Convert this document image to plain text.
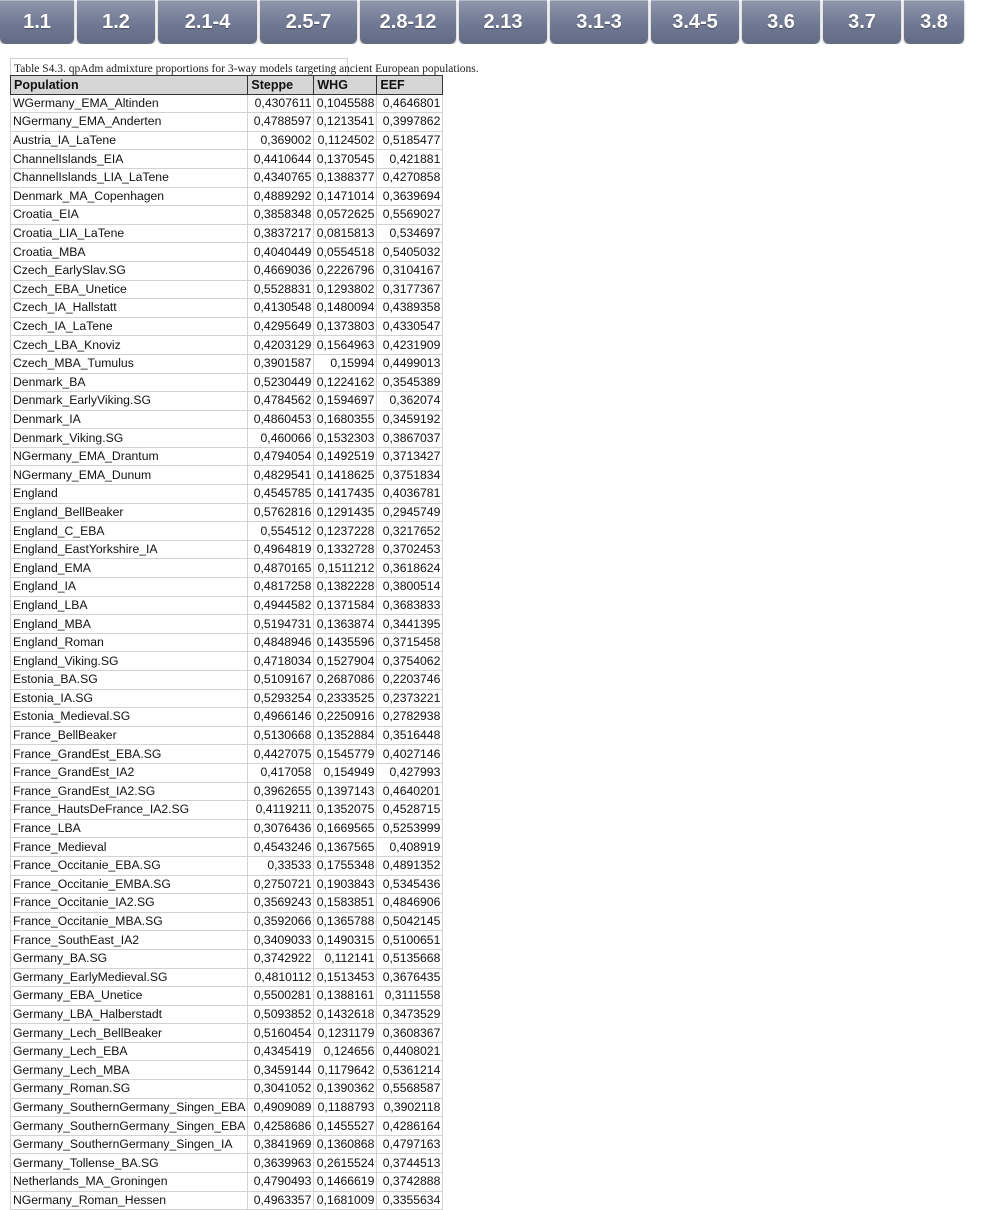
1.1	1.2	2.1-4	2.5-7	2.8-12	2.13	3.1-3	3.4-5	3.6	3.7	3.8
Table S4.3. qpAdm admixture proportions for 3-way models targeting ancient European populations.
Population	Steppe	WHG	EEF
WGermany_EMA_Altinden	0,4307611	0,1045588	0,4646801
NGermany_EMA_Anderten	0,4788597	0,1213541	0,3997862
Austria_IA_LaTene	0,369002	0,1124502	0,5185477
ChannelIslands_EIA	0,4410644	0,1370545	0,421881
ChannelIslands_LIA_LaTene	0,4340765	0,1388377	0,4270858
Denmark_MA_Copenhagen	0,4889292	0,1471014	0,3639694
Croatia_EIA	0,3858348	0,0572625	0,5569027
Croatia_LIA_LaTene	0,3837217	0,0815813	0,534697
Croatia_MBA	0,4040449	0,0554518	0,5405032
Czech_EarlySlav.SG	0,4669036	0,2226796	0,3104167
Czech_EBA_Unetice	0,5528831	0,1293802	0,3177367
Czech_IA_Hallstatt	0,4130548	0,1480094	0,4389358
Czech_IA_LaTene	0,4295649	0,1373803	0,4330547
Czech_LBA_Knoviz	0,4203129	0,1564963	0,4231909
Czech_MBA_Tumulus	0,3901587	0,15994	0,4499013
Denmark_BA	0,5230449	0,1224162	0,3545389
Denmark_EarlyViking.SG	0,4784562	0,1594697	0,362074
Denmark_IA	0,4860453	0,1680355	0,3459192
Denmark_Viking.SG	0,460066	0,1532303	0,3867037
NGermany_EMA_Drantum	0,4794054	0,1492519	0,3713427
NGermany_EMA_Dunum	0,4829541	0,1418625	0,3751834
England	0,4545785	0,1417435	0,4036781
England_BellBeaker	0,5762816	0,1291435	0,2945749
England_C_EBA	0,554512	0,1237228	0,3217652
England_EastYorkshire_IA	0,4964819	0,1332728	0,3702453
England_EMA	0,4870165	0,1511212	0,3618624
England_IA	0,4817258	0,1382228	0,3800514
England_LBA	0,4944582	0,1371584	0,3683833
England_MBA	0,5194731	0,1363874	0,3441395
England_Roman	0,4848946	0,1435596	0,3715458
England_Viking.SG	0,4718034	0,1527904	0,3754062
Estonia_BA.SG	0,5109167	0,2687086	0,2203746
Estonia_IA.SG	0,5293254	0,2333525	0,2373221
Estonia_Medieval.SG	0,4966146	0,2250916	0,2782938
France_BellBeaker	0,5130668	0,1352884	0,3516448
France_GrandEst_EBA.SG	0,4427075	0,1545779	0,4027146
France_GrandEst_IA2	0,417058	0,154949	0,427993
France_GrandEst_IA2.SG	0,3962655	0,1397143	0,4640201
France_HautsDeFrance_IA2.SG	0,4119211	0,1352075	0,4528715
France_LBA	0,3076436	0,1669565	0,5253999
France_Medieval	0,4543246	0,1367565	0,408919
France_Occitanie_EBA.SG	0,33533	0,1755348	0,4891352
France_Occitanie_EMBA.SG	0,2750721	0,1903843	0,5345436
France_Occitanie_IA2.SG	0,3569243	0,1583851	0,4846906
France_Occitanie_MBA.SG	0,3592066	0,1365788	0,5042145
France_SouthEast_IA2	0,3409033	0,1490315	0,5100651
Germany_BA.SG	0,3742922	0,112141	0,5135668
Germany_EarlyMedieval.SG	0,4810112	0,1513453	0,3676435
Germany_EBA_Unetice	0,5500281	0,1388161	0,3111558
Germany_LBA_Halberstadt	0,5093852	0,1432618	0,3473529
Germany_Lech_BellBeaker	0,5160454	0,1231179	0,3608367
Germany_Lech_EBA	0,4345419	0,124656	0,4408021
Germany_Lech_MBA	0,3459144	0,1179642	0,5361214
Germany_Roman.SG	0,3041052	0,1390362	0,5568587
Germany_SouthernGermany_Singen_EBA	0,4909089	0,1188793	0,3902118
Germany_SouthernGermany_Singen_EBA	0,4258686	0,1455527	0,4286164
Germany_SouthernGermany_Singen_IA	0,3841969	0,1360868	0,4797163
Germany_Tollense_BA.SG	0,3639963	0,2615524	0,3744513
Netherlands_MA_Groningen	0,4790493	0,1466619	0,3742888
NGermany_Roman_Hessen	0,4963357	0,1681009	0,3355634
